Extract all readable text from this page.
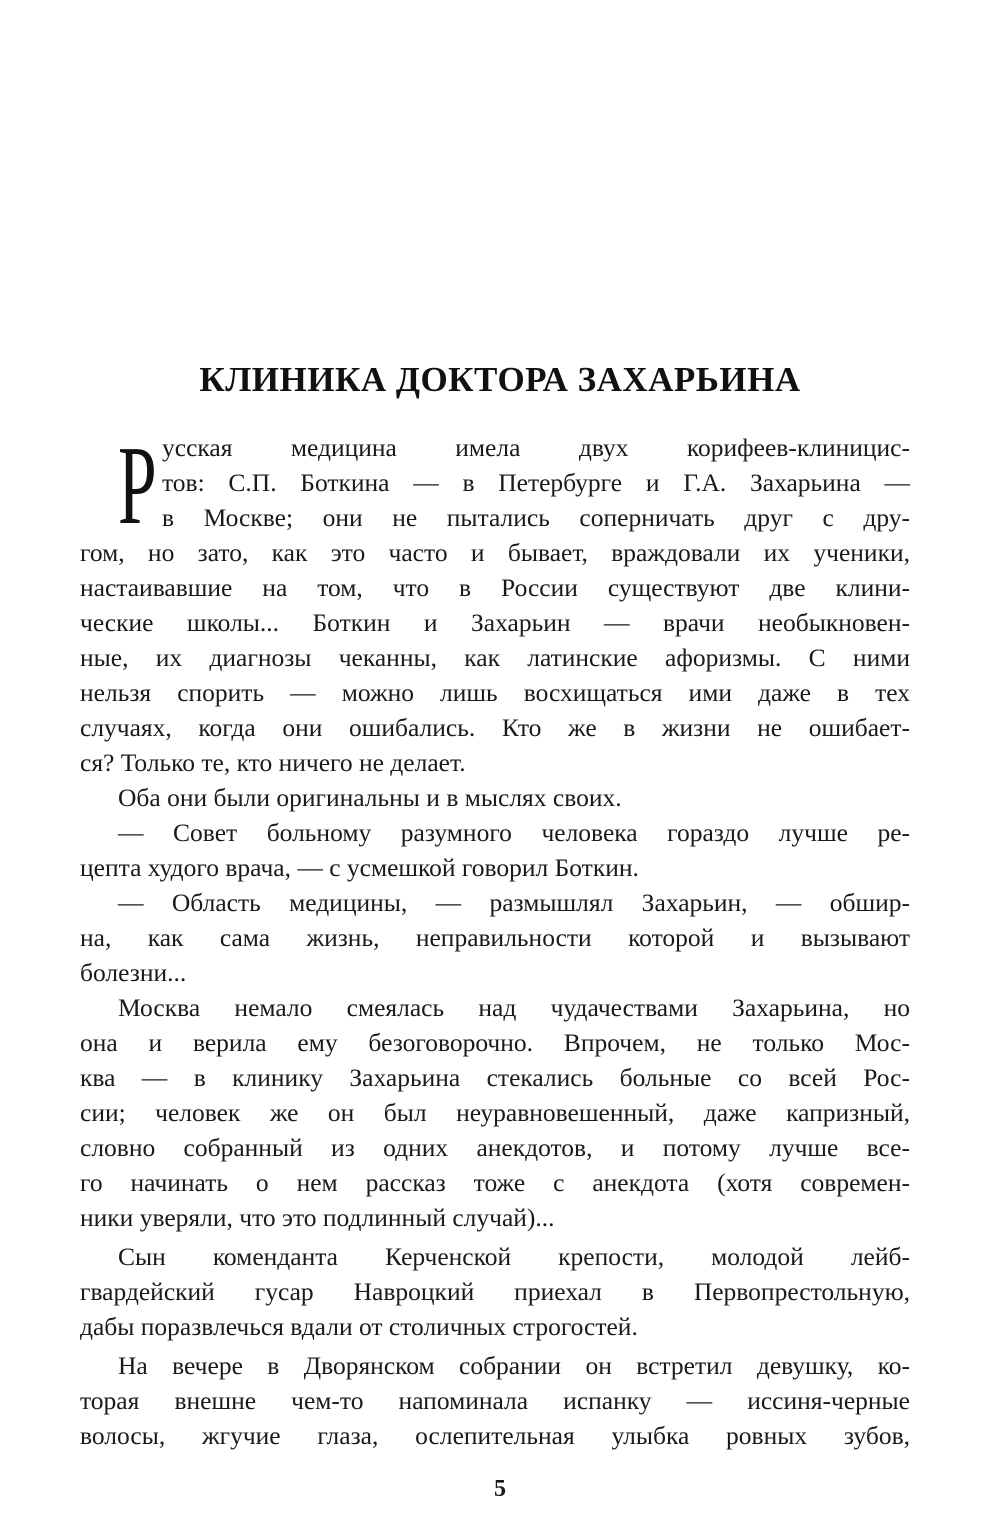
КЛИНИКА ДОКТОРА ЗАХАРЬИНА
Р усская медицина имела двух корифеев-клиницис-
тов: С.П. Боткина — в Петербурге и Г.А. Захарьина —
в Москве; они не пытались соперничать друг с дру-
гом, но зато, как это часто и бывает, враждовали их ученики,
настаивавшие на том, что в России существуют две клини-
ческие школы... Боткин и Захарьин — врачи необыкновен-
ные, их диагнозы чеканны, как латинские афоризмы. С ними
нельзя спорить — можно лишь восхищаться ими даже в тех
случаях, когда они ошибались. Кто же в жизни не ошибает-
ся? Только те, кто ничего не делает.
Оба они были оригинальны и в мыслях своих.
— Совет больному разумного человека гораздо лучше ре-
цепта худого врача, — с усмешкой говорил Боткин.
— Область медицины, — размышлял Захарьин, — обшир-
на, как сама жизнь, неправильности которой и вызывают
болезни...
Москва немало смеялась над чудачествами Захарьина, но
она и верила ему безоговорочно. Впрочем, не только Мос-
ква — в клинику Захарьина стекались больные со всей Рос-
сии; человек же он был неуравновешенный, даже капризный,
словно собранный из одних анекдотов, и потому лучше все-
го начинать о нем рассказ тоже с анекдота (хотя современ-
ники уверяли, что это подлинный случай)...
Сын коменданта Керченской крепости, молодой лейб-
гвардейский гусар Навроцкий приехал в Первопрестольную,
дабы поразвлечься вдали от столичных строгостей.
На вечере в Дворянском собрании он встретил девушку, ко-
торая внешне чем-то напоминала испанку — иссиня-черные
волосы, жгучие глаза, ослепительная улыбка ровных зубов,
5
